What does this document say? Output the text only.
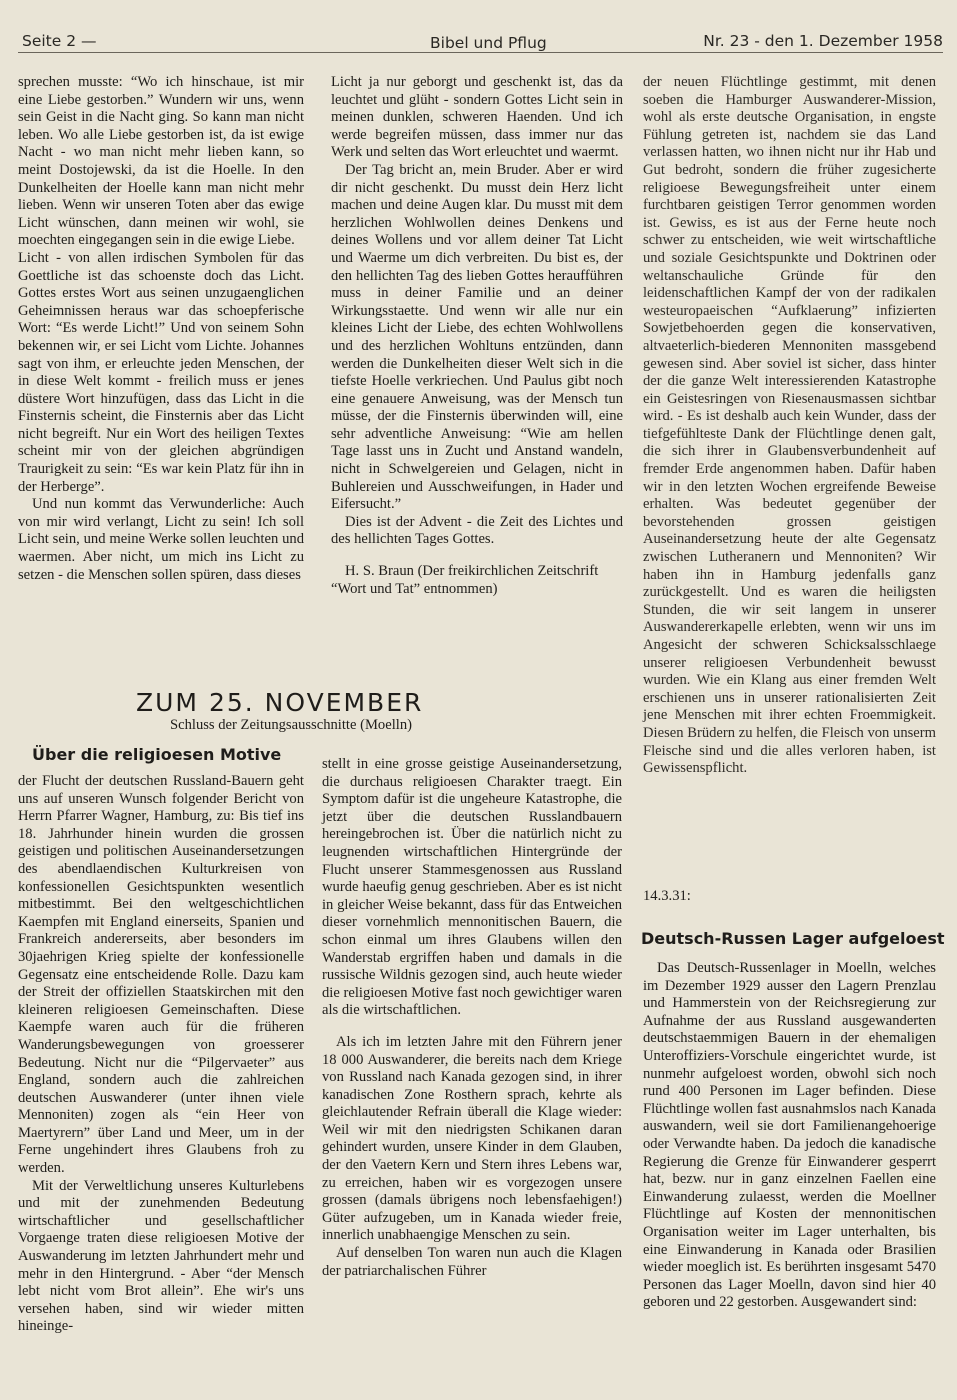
Seite 2 —	Bibel und Pflug	Nr. 23 - den 1. Dezember 1958

sprechen musste: “Wo ich hinschaue, ist mir eine Liebe gestorben.” Wundern wir uns, wenn sein Geist in die Nacht ging. So kann man nicht leben. Wo alle Liebe gestorben ist, da ist ewige Nacht - wo man nicht mehr lieben kann, so meint Dostojewski, da ist die Hoelle. In den Dunkelheiten der Hoelle kann man nicht mehr lieben. Wenn wir unseren Toten aber das ewige Licht wünschen, dann meinen wir wohl, sie moechten eingegangen sein in die ewige Liebe.

Licht - von allen irdischen Symbolen für das Goettliche ist das schoenste doch das Licht. Gottes erstes Wort aus seinen unzugaenglichen Geheimnissen heraus war das schoepferische Wort: “Es werde Licht!” Und von seinem Sohn bekennen wir, er sei Licht vom Lichte. Johannes sagt von ihm, er erleuchte jeden Menschen, der in diese Welt kommt - freilich muss er jenes düstere Wort hinzufügen, dass das Licht in die Finsternis scheint, die Finsternis aber das Licht nicht begreift. Nur ein Wort des heiligen Textes scheint mir von der gleichen abgründigen Traurigkeit zu sein: “Es war kein Platz für ihn in der Herberge”.

Und nun kommt das Verwunderliche: Auch von mir wird verlangt, Licht zu sein! Ich soll Licht sein, und meine Werke sollen leuchten und waermen. Aber nicht, um mich ins Licht zu setzen - die Menschen sollen spüren, dass dieses

Licht ja nur geborgt und geschenkt ist, das da leuchtet und glüht - sondern Gottes Licht sein in meinen dunklen, schweren Haenden. Und ich werde begreifen müssen, dass immer nur das Werk und selten das Wort erleuchtet und waermt.

Der Tag bricht an, mein Bruder. Aber er wird dir nicht geschenkt. Du musst dein Herz licht machen und deine Augen klar. Du musst mit dem herzlichen Wohlwollen deines Denkens und deines Wollens und vor allem deiner Tat Licht und Waerme um dich verbreiten. Du bist es, der den hellichten Tag des lieben Gottes heraufführen muss in deiner Familie und an deiner Wirkungsstaette. Und wenn wir alle nur ein kleines Licht der Liebe, des echten Wohlwollens und des herzlichen Wohltuns entzünden, dann werden die Dunkelheiten dieser Welt sich in die tiefste Hoelle verkriechen. Und Paulus gibt noch eine genauere Anweisung, was der Mensch tun müsse, der die Finsternis überwinden will, eine sehr adventliche Anweisung: “Wie am hellen Tage lasst uns in Zucht und Anstand wandeln, nicht in Schwelgereien und Gelagen, nicht in Buhlereien und Ausschweifungen, in Hader und Eifersucht.”

Dies ist der Advent - die Zeit des Lichtes und des hellichten Tages Gottes.

H. S. Braun (Der freikirchlichen Zeitschrift “Wort und Tat” entnommen)

der neuen Flüchtlinge gestimmt, mit denen soeben die Hamburger Auswanderer-Mission, wohl als erste deutsche Organisation, in engste Fühlung getreten ist, nachdem sie das Land verlassen hatten, wo ihnen nicht nur ihr Hab und Gut bedroht, sondern die früher zugesicherte religioese Bewegungsfreiheit unter einem furchtbaren geistigen Terror genommen worden ist. Gewiss, es ist aus der Ferne heute noch schwer zu entscheiden, wie weit wirtschaftliche und soziale Gesichtspunkte und Doktrinen oder weltanschauliche Gründe für den leidenschaftlichen Kampf der von der radikalen westeuropaeischen “Aufklaerung” infizierten Sowjetbehoerden gegen die konservativen, altvaeterlich-biederen Mennoniten massgebend gewesen sind. Aber soviel ist sicher, dass hinter der die ganze Welt interessierenden Katastrophe ein Geistesringen von Riesenausmassen sichtbar wird. - Es ist deshalb auch kein Wunder, dass der tiefgefühlteste Dank der Flüchtlinge denen galt, die sich ihrer in Glaubensverbundenheit auf fremder Erde angenommen haben. Dafür haben wir in den letzten Wochen ergreifende Beweise erhalten. Was bedeutet gegenüber der bevorstehenden grossen geistigen Auseinandersetzung heute der alte Gegensatz zwischen Lutheranern und Mennoniten? Wir haben ihn in Hamburg jedenfalls ganz zurückgestellt. Und es waren die heiligsten Stunden, die wir seit langem in unserer Auswandererkapelle erlebten, wenn wir uns im Angesicht der schweren Schicksalsschlaege unserer religioesen Verbundenheit bewusst wurden. Wie ein Klang aus einer fremden Welt erschienen uns in unserer rationalisierten Zeit jene Menschen mit ihrer echten Froemmigkeit. Diesen Brüdern zu helfen, die Fleisch von unserm Fleische sind und die alles verloren haben, ist Gewissenspflicht.

ZUM 25. NOVEMBER
Schluss der Zeitungsausschnitte (Moelln)
Über die religioesen Motive

der Flucht der deutschen Russland-Bauern geht uns auf unseren Wunsch folgender Bericht von Herrn Pfarrer Wagner, Hamburg, zu: Bis tief ins 18. Jahrhunder hinein wurden die grossen geistigen und politischen Auseinandersetzungen des abendlaendischen Kulturkreisen von konfessionellen Gesichtspunkten wesentlich mitbestimmt. Bei den weltgeschichtlichen Kaempfen mit England einerseits, Spanien und Frankreich andererseits, aber besonders im 30jaehrigen Krieg spielte der konfessionelle Gegensatz eine entscheidende Rolle. Dazu kam der Streit der offiziellen Staatskirchen mit den kleineren religioesen Gemeinschaften. Diese Kaempfe waren auch für die früheren Wanderungsbewegungen von groesserer Bedeutung. Nicht nur die “Pilgervaeter” aus England, sondern auch die zahlreichen deutschen Auswanderer (unter ihnen viele Mennoniten) zogen als “ein Heer von Maertyrern” über Land und Meer, um in der Ferne ungehindert ihres Glaubens froh zu werden.

Mit der Verweltlichung unseres Kulturlebens und mit der zunehmenden Bedeutung wirtschaftlicher und gesellschaftlicher Vorgaenge traten diese religioesen Motive der Auswanderung im letzten Jahrhundert mehr und mehr in den Hintergrund. - Aber “der Mensch lebt nicht vom Brot allein”. Ehe wir's uns versehen haben, sind wir wieder mitten hineinge-

stellt in eine grosse geistige Auseinandersetzung, die durchaus religioesen Charakter traegt. Ein Symptom dafür ist die ungeheure Katastrophe, die jetzt über die deutschen Russlandbauern hereingebrochen ist. Über die natürlich nicht zu leugnenden wirtschaftlichen Hintergründe der Flucht unserer Stammesgenossen aus Russland wurde haeufig genug geschrieben. Aber es ist nicht in gleicher Weise bekannt, dass für das Entweichen dieser vornehmlich mennonitischen Bauern, die schon einmal um ihres Glaubens willen den Wanderstab ergriffen haben und damals in die russische Wildnis gezogen sind, auch heute wieder die religioesen Motive fast noch gewichtiger waren als die wirtschaftlichen.

Als ich im letzten Jahre mit den Führern jener 18 000 Auswanderer, die bereits nach dem Kriege von Russland nach Kanada gezogen sind, in ihrer kanadischen Zone Rosthern sprach, kehrte als gleichlautender Refrain überall die Klage wieder: Weil wir mit den niedrigsten Schikanen daran gehindert wurden, unsere Kinder in dem Glauben, der den Vaetern Kern und Stern ihres Lebens war, zu erreichen, haben wir es vorgezogen unsere grossen (damals übrigens noch lebensfaehigen!) Güter aufzugeben, um in Kanada wieder freie, innerlich unabhaengige Menschen zu sein.

Auf denselben Ton waren nun auch die Klagen der patriarchalischen Führer

14.3.31:
Deutsch-Russen Lager aufgeloest

Das Deutsch-Russenlager in Moelln, welches im Dezember 1929 ausser den Lagern Prenzlau und Hammerstein von der Reichsregierung zur Aufnahme der aus Russland ausgewanderten deutschstaemmigen Bauern in der ehemaligen Unteroffiziers-Vorschule eingerichtet wurde, ist nunmehr aufgeloest worden, obwohl sich noch rund 400 Personen im Lager befinden. Diese Flüchtlinge wollen fast ausnahmslos nach Kanada auswandern, weil sie dort Familienangehoerige oder Verwandte haben. Da jedoch die kanadische Regierung die Grenze für Einwanderer gesperrt hat, bezw. nur in ganz einzelnen Faellen eine Einwanderung zulaesst, werden die Moellner Flüchtlinge auf Kosten der mennonitischen Organisation weiter im Lager unterhalten, bis eine Einwanderung in Kanada oder Brasilien wieder moeglich ist. Es berührten insgesamt 5470 Personen das Lager Moelln, davon sind hier 40 geboren und 22 gestorben. Ausgewandert sind:
